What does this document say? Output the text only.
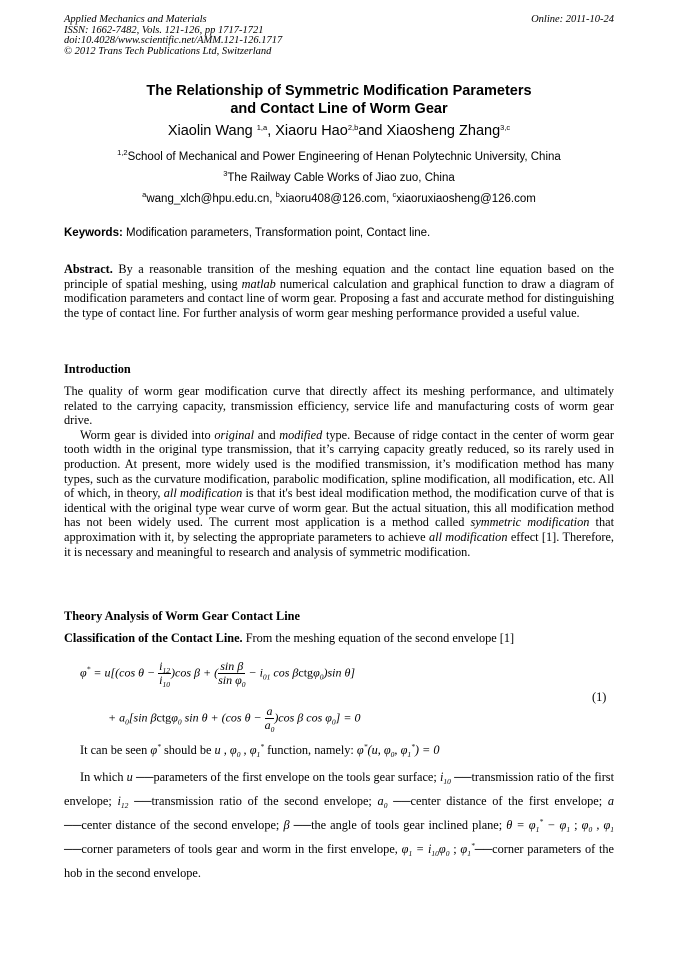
Applied Mechanics and Materials
ISSN: 1662-7482, Vols. 121-126, pp 1717-1721
doi:10.4028/www.scientific.net/AMM.121-126.1717
© 2012 Trans Tech Publications Ltd, Switzerland
Online: 2011-10-24
The Relationship of Symmetric Modification Parameters
and Contact Line of Worm Gear
Xiaolin Wang $^{1,a}$, Xiaoru Hao$^{2,b}$and Xiaosheng Zhang$^{3,c}$
$^{1,2}$School of Mechanical and Power Engineering of Henan Polytechnic University, China
$^3$The Railway Cable Works of Jiao zuo, China
$^a$wang_xlch@hpu.edu.cn, $^b$xiaoru408@126.com, $^c$xiaoruxiaosheng@126.com
Keywords: Modification parameters, Transformation point, Contact line.
Abstract. By a reasonable transition of the meshing equation and the contact line equation based on the principle of spatial meshing, using matlab numerical calculation and graphical function to draw a diagram of modification parameters and contact line of worm gear. Proposing a fast and accurate method for distinguishing the type of contact line. For further analysis of worm gear meshing performance provided a useful value.
Introduction

The quality of worm gear modification curve that directly affect its meshing performance, and ultimately related to the carrying capacity, transmission efficiency, service life and manufacturing costs of worm gear drive.

Worm gear is divided into original and modified type. Because of ridge contact in the center of worm gear tooth width in the original type transmission, that it’s carrying capacity greatly reduced, so its rarely used in production. At present, more widely used is the modified transmission, it’s modification method has many types, such as the curvature modification, parabolic modification, spline modification, all modification, etc. All of which, in theory, all modification is that it's best ideal modification method, the modification curve of that is identical with the original type wear curve of worm gear. But the actual situation, this all modification method has not been widely used. The current most application is a method called symmetric modification that approximation with it, by selecting the appropriate parameters to achieve all modification effect [1]. Therefore, it is necessary and meaningful to research and analysis of symmetric modification.

Theory Analysis of Worm Gear Contact Line
Classification of the Contact Line. From the meshing equation of the second envelope [1]
φ* = u[(cos $\theta - \frac{i_{12}}{i_{10}} )\cos$ β + ( $\frac{\text{sin β}}{\sin \varphi_0} - i_{01}$ cos βctgφ$_0$)sin θ]
+ $a_0[\sin$ βctgφ$_0$ sin θ + (cos $\theta - \frac{a}{a_0} )\cos$ β $\cos \varphi_0] = 0$
(1)
It can be seen φ* should be u , $\varphi_0$ , $\varphi_1^*$ function, namely: φ*(u, $\varphi_0$, $\varphi_1^*) = 0$

In which u ──parameters of the first envelope on the tools gear surface; $i_{10}$ ──transmission ratio of the first envelope; $i_{12}$ ──transmission ratio of the second envelope; $a_0$ ──center distance of the first envelope; a ──center distance of the second envelope; β ──the angle of tools gear inclined plane; $\theta = \varphi_1^* - \varphi_1$ ; $\varphi_0$ , $\varphi_1$ ──corner parameters of tools gear and worm in the first envelope, $\varphi_1 = i_{10}\varphi_0$ ; $\varphi_1^*──corner$ parameters of the hob in the second envelope.
